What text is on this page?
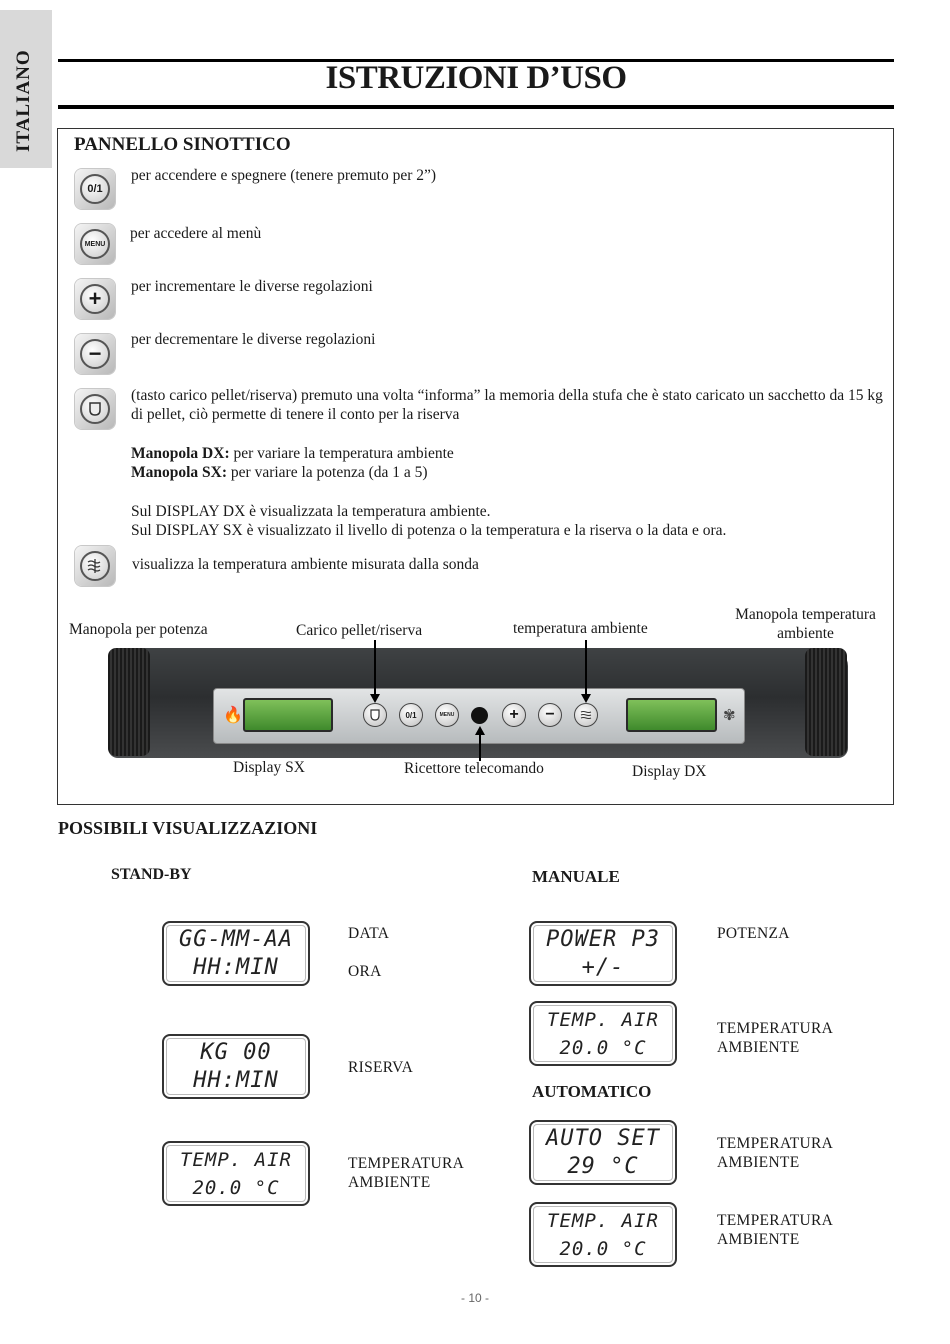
ITALIANO	ISTRUZIONI D’USO
PANNELLO SINOTTICO
0/1
per accendere e spegnere (tenere premuto per 2”)
MENU
per accedere al menù
+	per incrementare le diverse regolazioni
−
per decrementare le diverse regolazioni
(tasto carico pellet/riserva) premuto una volta “informa” la memoria della stufa che è stato caricato un sacchetto da 15 kg di pellet, ciò permette di tenere il conto per la riserva
Manopola DX: per variare la temperatura ambiente
Manopola SX: per variare la potenza (da 1 a 5)
Sul DISPLAY DX è visualizzata la temperatura ambiente.
Sul DISPLAY SX è visualizzato il livello di potenza o la temperatura e la riserva o la data e ora.
visualizza la temperatura ambiente misurata dalla sonda
Manopola per potenza	Carico pellet/riserva	temperatura ambiente
Manopola temperatura ambiente
🔥	✾
0/1	MENU	+	−
Display SX	Ricettore telecomando	Display DX
POSSIBILI VISUALIZZAZIONI
STAND-BY	MANUALE
AUTOMATICO
GG-MM-AA
HH:MIN
DATA
ORA
KG 00
HH:MIN
RISERVA
TEMP. AIR
20.0 °C
TEMPERATURA
AMBIENTE
POWER P3
+/-
POTENZA
TEMP. AIR
20.0 °C
TEMPERATURA
AMBIENTE
AUTO SET
29 °C
TEMPERATURA
AMBIENTE
TEMP. AIR
20.0 °C
TEMPERATURA
AMBIENTE
- 10 -
